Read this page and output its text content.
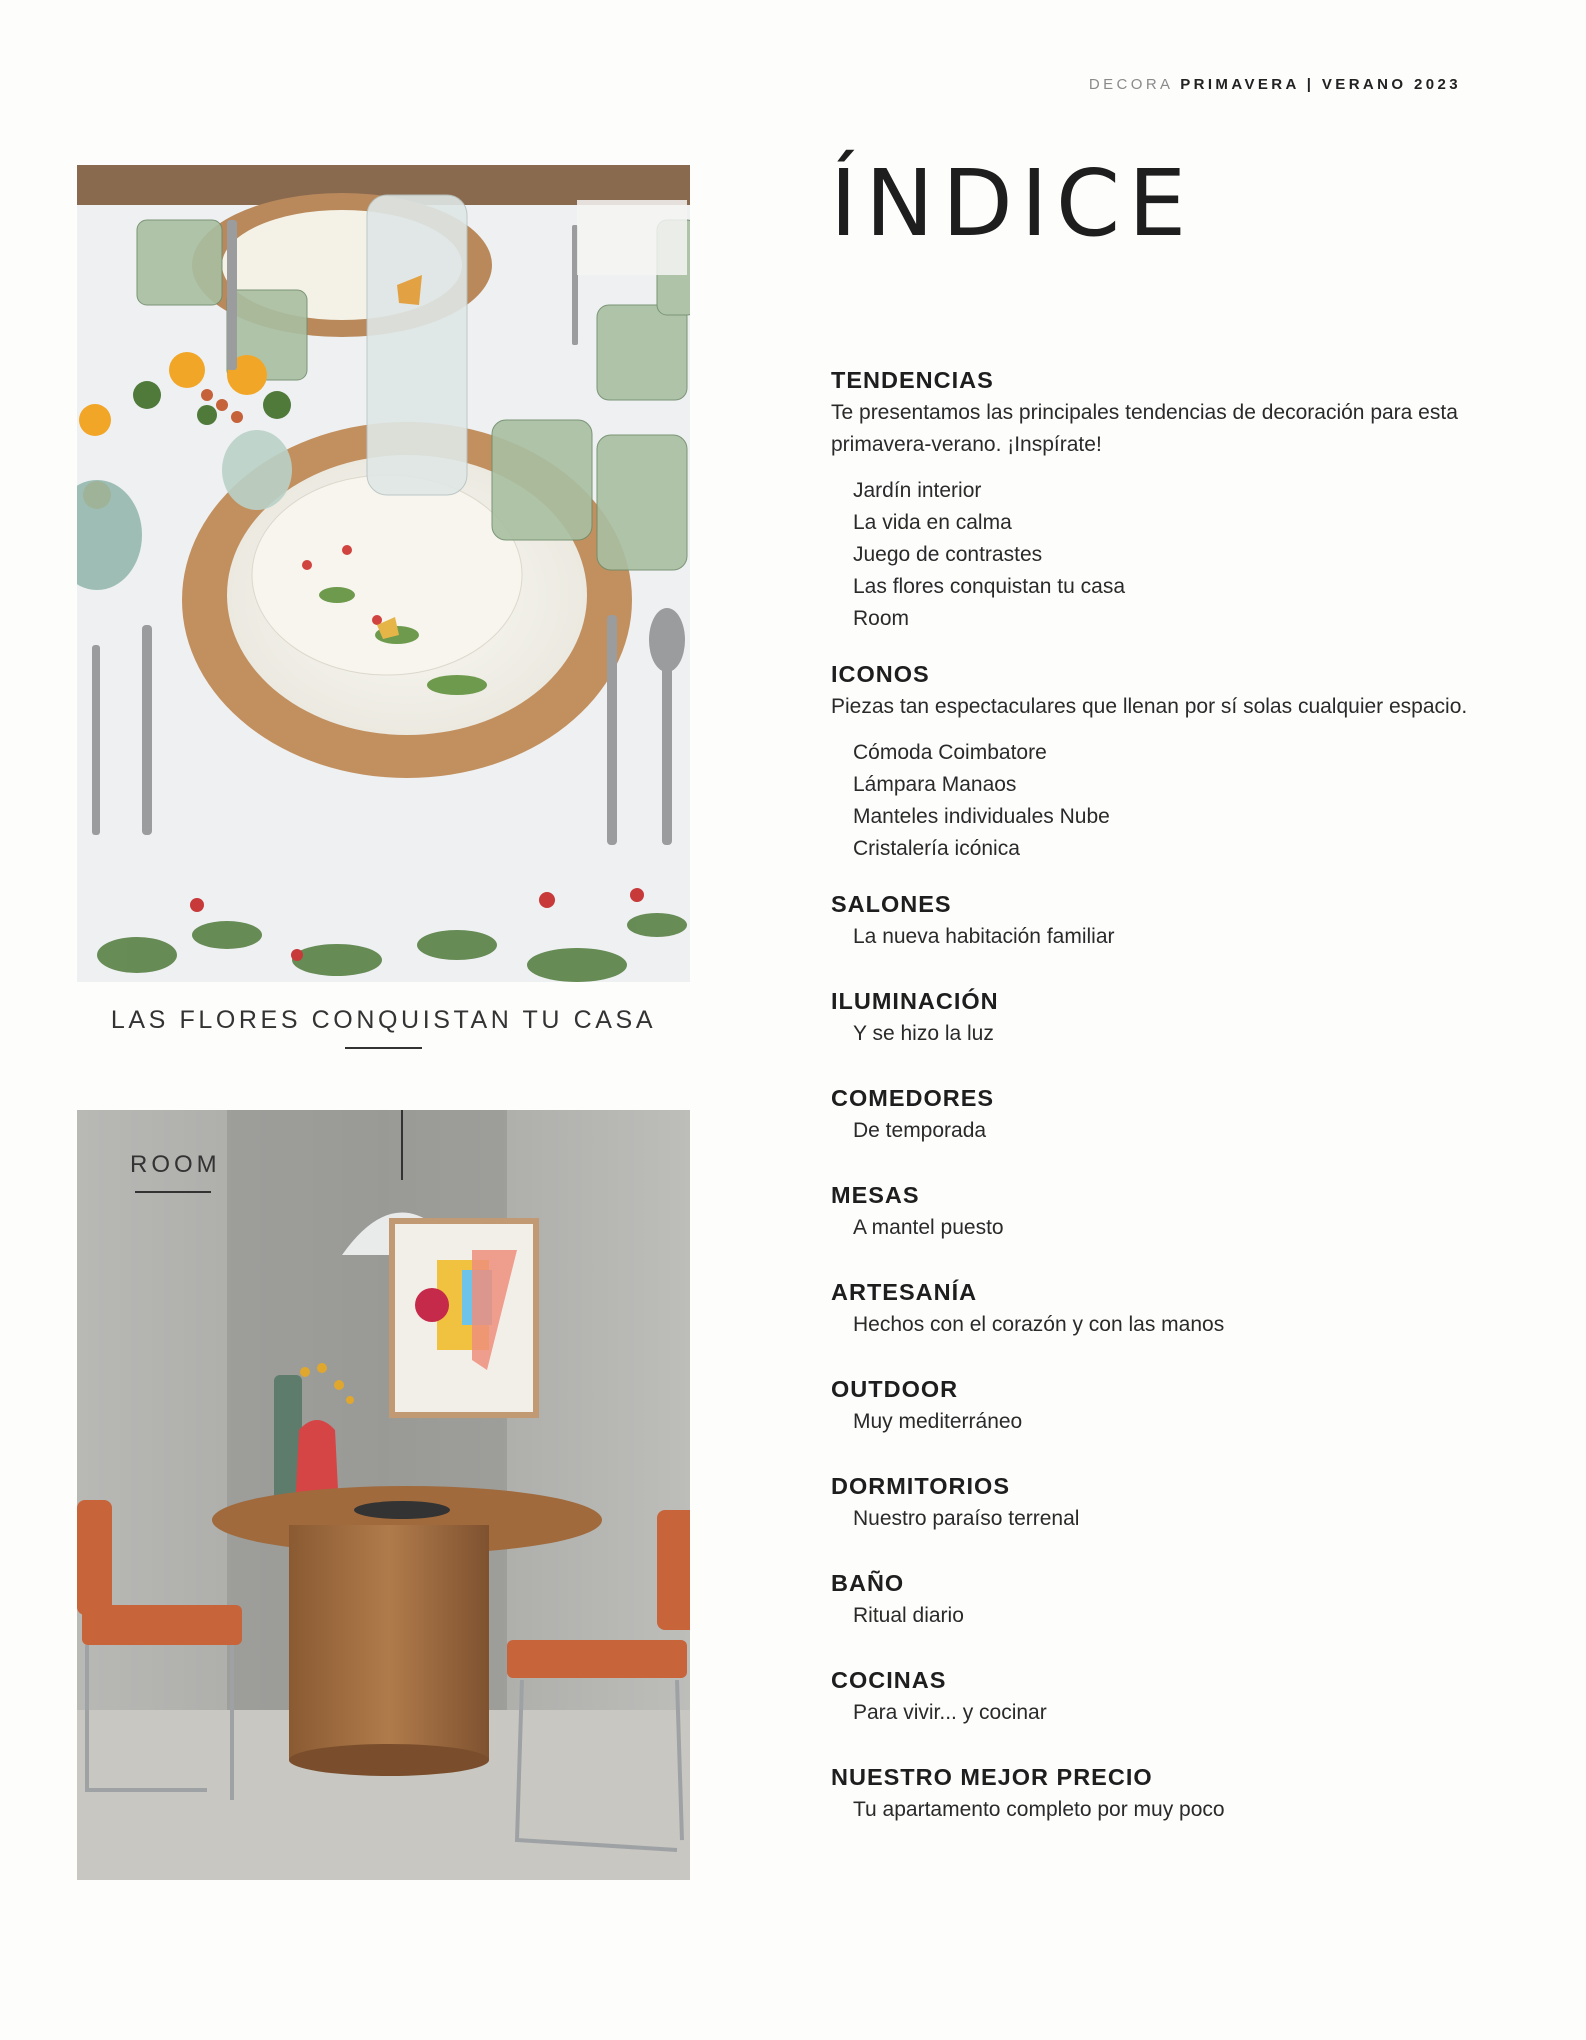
DECORA PRIMAVERA | VERANO 2023
LAS FLORES CONQUISTAN TU CASA
ROOM
ÍNDICE

TENDENCIAS

Te presentamos las principales tendencias de decoración para esta primavera-verano. ¡Inspírate!

Jardín interior
La vida en calma
Juego de contrastes
Las flores conquistan tu casa
Room

ICONOS

Piezas tan espectaculares que llenan por sí solas cualquier espacio.

Cómoda Coimbatore
Lámpara Manaos
Manteles individuales Nube
Cristalería icónica

SALONES

La nueva habitación familiar

ILUMINACIÓN

Y se hizo la luz

COMEDORES

De temporada

MESAS

A mantel puesto

ARTESANÍA

Hechos con el corazón y con las manos

OUTDOOR

Muy mediterráneo

DORMITORIOS

Nuestro paraíso terrenal

BAÑO

Ritual diario

COCINAS

Para vivir... y cocinar

NUESTRO MEJOR PRECIO

Tu apartamento completo por muy poco
